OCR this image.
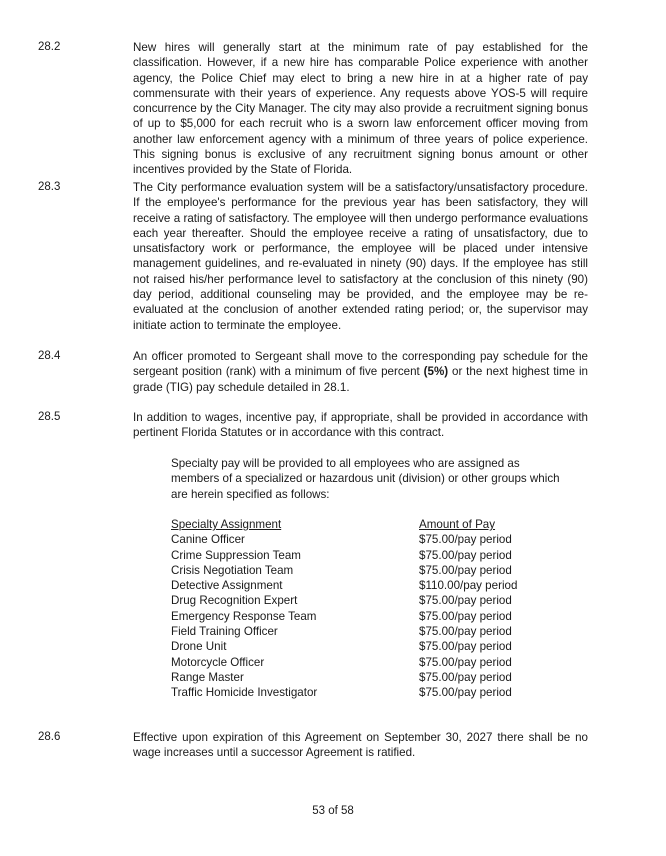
28.2	New hires will generally start at the minimum rate of pay established for the classification. However, if a new hire has comparable Police experience with another agency, the Police Chief may elect to bring a new hire in at a higher rate of pay commensurate with their years of experience. Any requests above YOS-5 will require concurrence by the City Manager. The city may also provide a recruitment signing bonus of up to $5,000 for each recruit who is a sworn law enforcement officer moving from another law enforcement agency with a minimum of three years of police experience. This signing bonus is exclusive of any recruitment signing bonus amount or other incentives provided by the State of Florida.
28.3	The City performance evaluation system will be a satisfactory/unsatisfactory procedure. If the employee's performance for the previous year has been satisfactory, they will receive a rating of satisfactory. The employee will then undergo performance evaluations each year thereafter. Should the employee receive a rating of unsatisfactory, due to unsatisfactory work or performance, the employee will be placed under intensive management guidelines, and re-evaluated in ninety (90) days. If the employee has still not raised his/her performance level to satisfactory at the conclusion of this ninety (90) day period, additional counseling may be provided, and the employee may be re-evaluated at the conclusion of another extended rating period; or, the supervisor may initiate action to terminate the employee.
28.4	An officer promoted to Sergeant shall move to the corresponding pay schedule for the sergeant position (rank) with a minimum of five percent (5%) or the next highest time in grade (TIG) pay schedule detailed in 28.1.
28.5	In addition to wages, incentive pay, if appropriate, shall be provided in accordance with pertinent Florida Statutes or in accordance with this contract.
Specialty pay will be provided to all employees who are assigned as members of a specialized or hazardous unit (division) or other groups which are herein specified as follows:
Specialty Assignment	Amount of Pay
Canine Officer	$75.00/pay period
Crime Suppression Team	$75.00/pay period
Crisis Negotiation Team	$75.00/pay period
Detective Assignment	$110.00/pay period
Drug Recognition Expert	$75.00/pay period
Emergency Response Team	$75.00/pay period
Field Training Officer	$75.00/pay period
Drone Unit	$75.00/pay period
Motorcycle Officer	$75.00/pay period
Range Master	$75.00/pay period
Traffic Homicide Investigator	$75.00/pay period
28.6	Effective upon expiration of this Agreement on September 30, 2027 there shall be no wage increases until a successor Agreement is ratified.
53 of 58
